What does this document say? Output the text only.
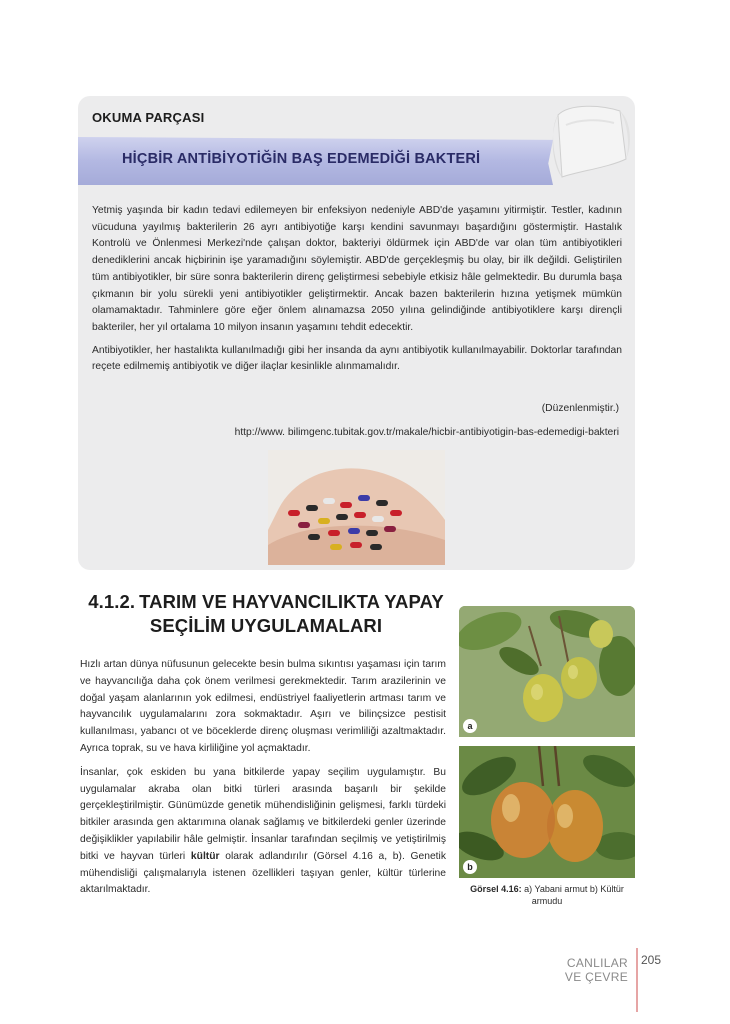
OKUMA PARÇASI
HİÇBİR ANTİBİYOTİĞİN BAŞ EDEMEDİĞİ BAKTERİ

Yetmiş yaşında bir kadın tedavi edilemeyen bir enfeksiyon nedeniyle ABD'de yaşamını yitirmiştir. Testler, kadının vücuduna yayılmış bakterilerin 26 ayrı antibiyotiğe karşı kendini savunmayı başardığını göstermiştir. Hastalık Kontrolü ve Önlenmesi Merkezi'nde çalışan doktor, bakteriyi öldürmek için ABD'de var olan tüm antibiyotikleri denediklerini ancak hiçbirinin işe yaramadığını söylemiştir. ABD'de gerçekleşmiş bu olay, bir ilk değildi. Geliştirilen tüm antibiyotikler, bir süre sonra bakterilerin direnç geliştirmesi sebebiyle etkisiz hâle gelmektedir. Bu durumla başa çıkmanın bir yolu sürekli yeni antibiyotikler geliştirmektir. Ancak bazen bakterilerin hızına yetişmek mümkün olamamaktadır. Tahminlere göre eğer önlem alınamazsa 2050 yılına gelindiğinde antibiyotiklere karşı dirençli bakteriler, her yıl ortalama 10 milyon insanın yaşamını tehdit edecektir.

Antibiyotikler, her hastalıkta kullanılmadığı gibi her insanda da aynı antibiyotik kullanılmayabilir. Doktorlar tarafından reçete edilmemiş antibiyotik ve diğer ilaçlar kesinlikle alınmamalıdır.

(Düzenlenmiştir.)
http://www. bilimgenc.tubitak.gov.tr/makale/hicbir-antibiyotigin-bas-edemedigi-bakteri
4.1.2. TARIM VE HAYVANCILIKTA YAPAY
SEÇİLİM UYGULAMALARI

Hızlı artan dünya nüfusunun gelecekte besin bulma sıkıntısı yaşaması için tarım ve hayvancılığa daha çok önem verilmesi gerekmektedir. Tarım arazilerinin ve doğal yaşam alanlarının yok edilmesi, endüstriyel faaliyetlerin artması tarım ve hayvancılık uygulamalarını zora sokmaktadır. Aşırı ve bilinçsizce pestisit kullanılması, yabancı ot ve böceklerde direnç oluşması verimliliği azaltmaktadır. Ayrıca toprak, su ve hava kirliliğine yol açmaktadır.

İnsanlar, çok eskiden bu yana bitkilerde yapay seçilim uygulamıştır. Bu uygulamalar akraba olan bitki türleri arasında başarılı bir şekilde gerçekleştirilmiştir. Günümüzde genetik mühendisliğinin gelişmesi, farklı türdeki bitkiler arasında gen aktarımına olanak sağlamış ve bitkilerdeki genler üzerinde değişiklikler yapılabilir hâle gelmiştir. İnsanlar tarafından seçilmiş ve yetiştirilmiş bitki ve hayvan türleri kültür olarak adlandırılır (Görsel 4.16 a, b). Genetik mühendisliği çalışmalarıyla istenen özellikleri taşıyan genler, kültür türlerine aktarılmaktadır.

a
b
Görsel 4.16: a) Yabani armut b) Kültür armudu
CANLILAR
VE ÇEVRE
205
